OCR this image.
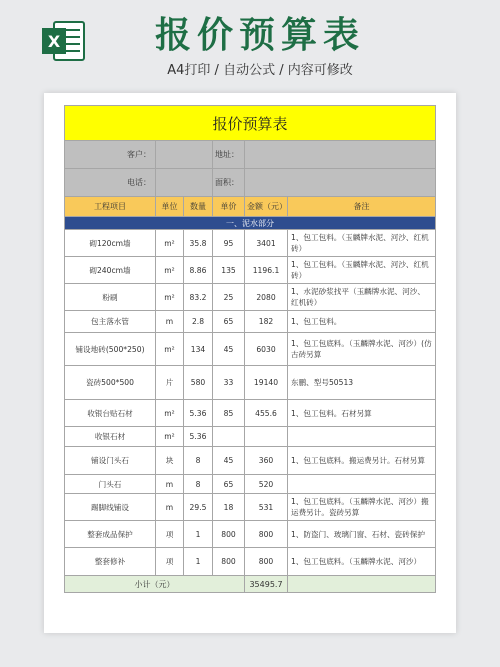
X	报价预算表
A4打印 / 自动公式 / 内容可修改
报价预算表					
客户：			地址：		
电话：			面积：		
工程项目	单位	数量	单价	金额（元）	备注
一、泥水部分					
砌120cm墙	m²	35.8	95	3401	1、包工包料。（玉麟牌水泥、河沙、红机砖）
砌240cm墙	m²	8.86	135	1196.1	1、包工包料。（玉麟牌水泥、河沙、红机砖）
粉刷	m²	83.2	25	2080	1、水泥砂浆找平（玉麟牌水泥、河沙、红机砖）
包主落水管	m	2.8	65	182	1、包工包料。
铺设地砖(500*250)	m²	134	45	6030	1、包工包底料。（玉麟牌水泥、河沙）(仿古砖另算
瓷砖500*500	片	580	33	19140	东鹏、型号50513
收银台贴石材	m²	5.36	85	455.6	1、包工包料。石材另算
收银石材	m²	5.36			
铺设门头石	块	8	45	360	1、包工包底料。搬运费另计。石材另算
门头石	m	8	65	520	
踢脚线铺设	m	29.5	18	531	1、包工包底料。（玉麟牌水泥、河沙）搬运费另计。瓷砖另算
整套成品保护	项	1	800	800	1、防盗门、玻璃门窗、石材、瓷砖保护
整套修补	项	1	800	800	1、包工包底料。（玉麟牌水泥、河沙）
小计（元）				35495.7	
